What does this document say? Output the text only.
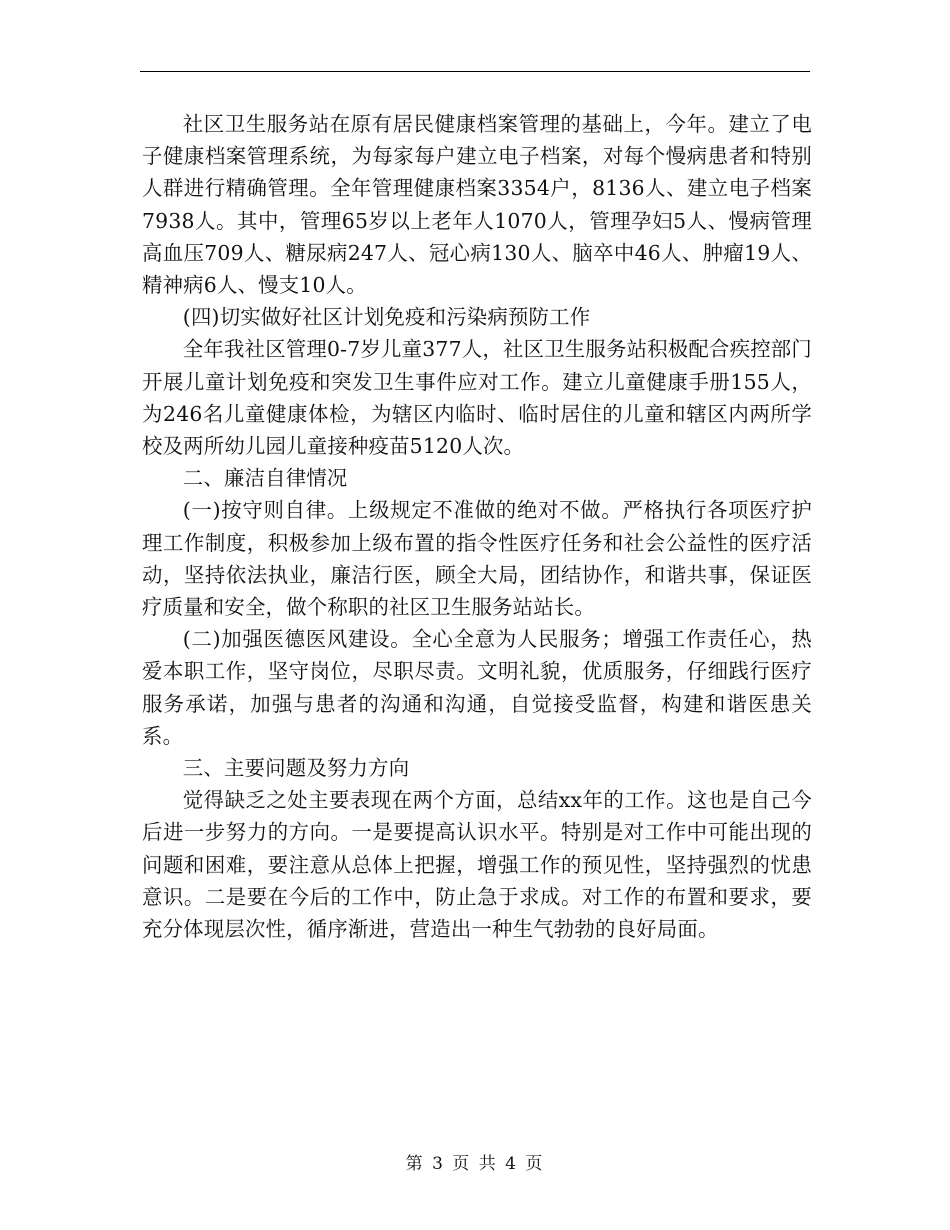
社区卫生服务站在原有居民健康档案管理的基础上，今年。建立了电子健康档案管理系统，为每家每户建立电子档案，对每个慢病患者和特别人群进行精确管理。全年管理健康档案3354户，8136人、建立电子档案7938人。其中，管理65岁以上老年人1070人，管理孕妇5人、慢病管理高血压709人、糖尿病247人、冠心病130人、脑卒中46人、肿瘤19人、精神病6人、慢支10人。

(四)切实做好社区计划免疫和污染病预防工作

全年我社区管理0-7岁儿童377人，社区卫生服务站积极配合疾控部门开展儿童计划免疫和突发卫生事件应对工作。建立儿童健康手册155人，为246名儿童健康体检，为辖区内临时、临时居住的儿童和辖区内两所学校及两所幼儿园儿童接种疫苗5120人次。

二、廉洁自律情况

(一)按守则自律。上级规定不准做的绝对不做。严格执行各项医疗护理工作制度，积极参加上级布置的指令性医疗任务和社会公益性的医疗活动，坚持依法执业，廉洁行医，顾全大局，团结协作，和谐共事，保证医疗质量和安全，做个称职的社区卫生服务站站长。

(二)加强医德医风建设。全心全意为人民服务；增强工作责任心，热爱本职工作，坚守岗位，尽职尽责。文明礼貌，优质服务，仔细践行医疗服务承诺，加强与患者的沟通和沟通，自觉接受监督，构建和谐医患关系。

三、主要问题及努力方向

觉得缺乏之处主要表现在两个方面，总结xx年的工作。这也是自己今后进一步努力的方向。一是要提高认识水平。特别是对工作中可能出现的问题和困难，要注意从总体上把握，增强工作的预见性，坚持强烈的忧患意识。二是要在今后的工作中，防止急于求成。对工作的布置和要求，要充分体现层次性，循序渐进，营造出一种生气勃勃的良好局面。

第 3 页 共 4 页
